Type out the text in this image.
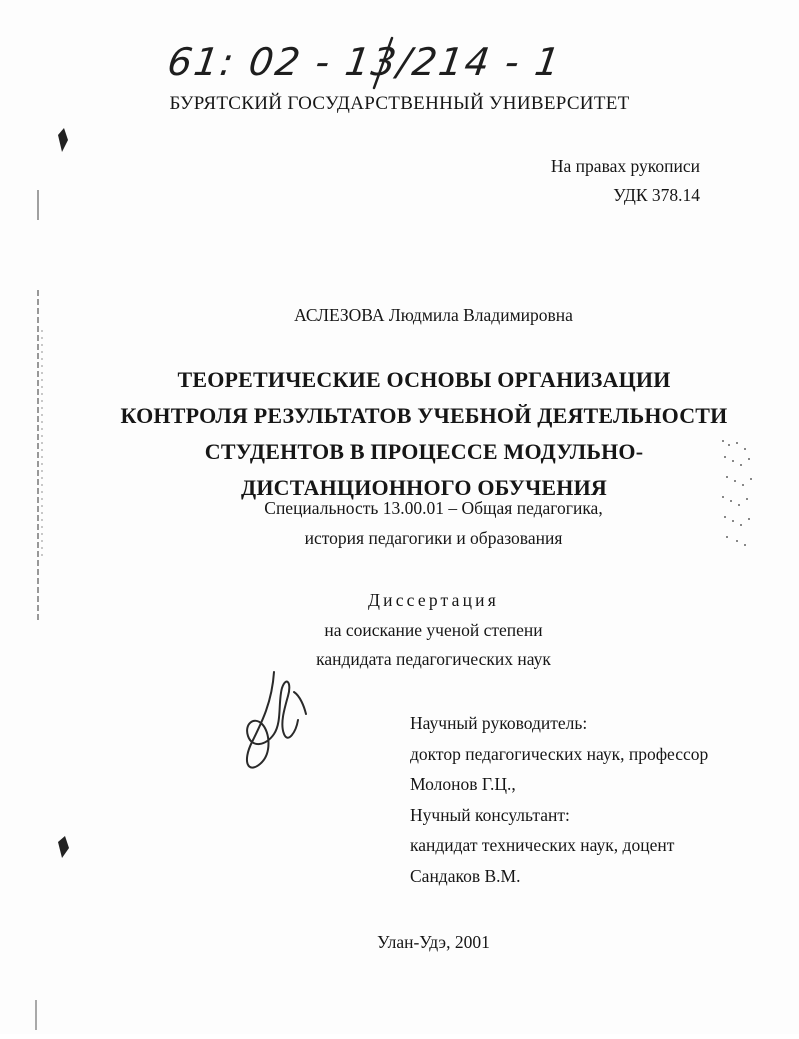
61: 02 - 13/214 - 1
БУРЯТСКИЙ ГОСУДАРСТВЕННЫЙ УНИВЕРСИТЕТ
На правах рукописи
УДК 378.14
АСЛЕЗОВА Людмила Владимировна
ТЕОРЕТИЧЕСКИЕ ОСНОВЫ ОРГАНИЗАЦИИ КОНТРОЛЯ РЕЗУЛЬТАТОВ УЧЕБНОЙ ДЕЯТЕЛЬНОСТИ СТУДЕНТОВ В ПРОЦЕССЕ МОДУЛЬНО-ДИСТАНЦИОННОГО ОБУЧЕНИЯ
Специальность 13.00.01 – Общая педагогика,
история педагогики и образования
Диссертация
на соискание ученой степени
кандидата педагогических наук
Научный руководитель:
доктор педагогических наук, профессор
Молонов Г.Ц.,
Нучный консультант:
кандидат технических наук, доцент
Сандаков В.М.
Улан-Удэ, 2001
